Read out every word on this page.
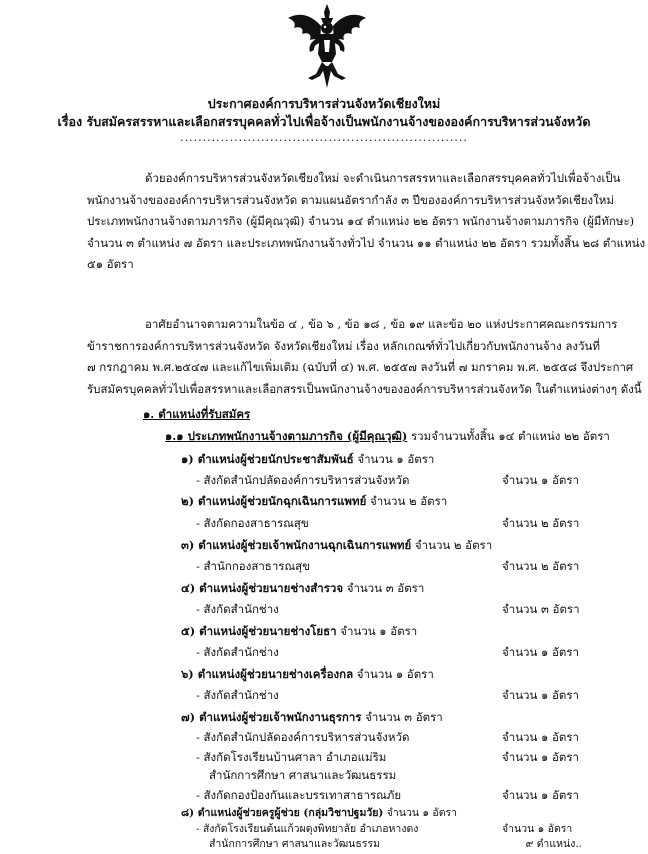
ประกาศองค์การบริหารส่วนจังหวัดเชียงใหม่
เรื่อง รับสมัครสรรหาและเลือกสรรบุคคลทั่วไปเพื่อจ้างเป็นพนักงานจ้างขององค์การบริหารส่วนจังหวัด
................................................................
ด้วยองค์การบริหารส่วนจังหวัดเชียงใหม่ จะดำเนินการสรรหาและเลือกสรรบุคคลทั่วไปเพื่อจ้างเป็น
พนักงานจ้างขององค์การบริหารส่วนจังหวัด ตามแผนอัตรากำลัง ๓ ปีขององค์การบริหารส่วนจังหวัดเชียงใหม่
ประเภทพนักงานจ้างตามภารกิจ (ผู้มีคุณวุฒิ) จำนวน ๑๔ ตำแหน่ง ๒๒ อัตรา พนักงานจ้างตามภารกิจ (ผู้มีทักษะ)
จำนวน ๓ ตำแหน่ง ๗ อัตรา และประเภทพนักงานจ้างทั่วไป จำนวน ๑๑ ตำแหน่ง ๒๒ อัตรา รวมทั้งสิ้น ๒๘ ตำแหน่ง
๕๑ อัตรา
อาศัยอำนาจตามความในข้อ ๔ , ข้อ ๖ , ข้อ ๑๘ , ข้อ ๑๙ และข้อ ๒๐ แห่งประกาศคณะกรรมการ
ข้าราชการองค์การบริหารส่วนจังหวัด จังหวัดเชียงใหม่ เรื่อง หลักเกณฑ์ทั่วไปเกี่ยวกับพนักงานจ้าง ลงวันที่
๗ กรกฎาคม พ.ศ.๒๕๔๗ และแก้ไขเพิ่มเติม (ฉบับที่ ๔) พ.ศ. ๒๕๕๗ ลงวันที่ ๗ มกราคม พ.ศ. ๒๕๕๘ จึงประกาศ
รับสมัครบุคคลทั่วไปเพื่อสรรหาและเลือกสรรเป็นพนักงานจ้างขององค์การบริหารส่วนจังหวัด ในตำแหน่งต่างๆ ดังนี้
๑. ตำแหน่งที่รับสมัคร
๑.๑ ประเภทพนักงานจ้างตามภารกิจ (ผู้มีคุณวุฒิ) รวมจำนวนทั้งสิ้น ๑๔ ตำแหน่ง ๒๒ อัตรา
๑) ตำแหน่งผู้ช่วยนักประชาสัมพันธ์ จำนวน ๑ อัตรา
- สังกัดสำนักปลัดองค์การบริหารส่วนจังหวัด	จำนวน ๑ อัตรา
๒) ตำแหน่งผู้ช่วยนักฉุกเฉินการแพทย์ จำนวน ๒ อัตรา
- สังกัดกองสาธารณสุข	จำนวน ๒ อัตรา
๓) ตำแหน่งผู้ช่วยเจ้าพนักงานฉุกเฉินการแพทย์ จำนวน ๒ อัตรา
- สำนักกองสาธารณสุข	จำนวน ๒ อัตรา
๔) ตำแหน่งผู้ช่วยนายช่างสำรวจ จำนวน ๓ อัตรา
- สังกัดสำนักช่าง	จำนวน ๓ อัตรา
๕) ตำแหน่งผู้ช่วยนายช่างโยธา จำนวน ๑ อัตรา
- สังกัดสำนักช่าง	จำนวน ๑ อัตรา
๖) ตำแหน่งผู้ช่วยนายช่างเครื่องกล จำนวน ๑ อัตรา
- สังกัดสำนักช่าง	จำนวน ๑ อัตรา
๗) ตำแหน่งผู้ช่วยเจ้าพนักงานธุรการ จำนวน ๓ อัตรา
- สังกัดสำนักปลัดองค์การบริหารส่วนจังหวัด	จำนวน ๑ อัตรา
- สังกัดโรงเรียนบ้านศาลา อำเภอแม่ริม	จำนวน ๑ อัตรา
สำนักการศึกษา ศาสนาและวัฒนธรรม
- สังกัดกองป้องกันและบรรเทาสาธารณภัย	จำนวน ๑ อัตรา
๘) ตำแหน่งผู้ช่วยครูผู้ช่วย (กลุ่มวิชาปฐมวัย) จำนวน ๑ อัตรา
- สังกัดโรงเรียนต้นแก้วผดุงพิทยาลัย อำเภอหางดง	จำนวน ๑ อัตรา
สำนักการศึกษา ศาสนาและวัฒนธรรม	๙ ตำแหน่ง..
